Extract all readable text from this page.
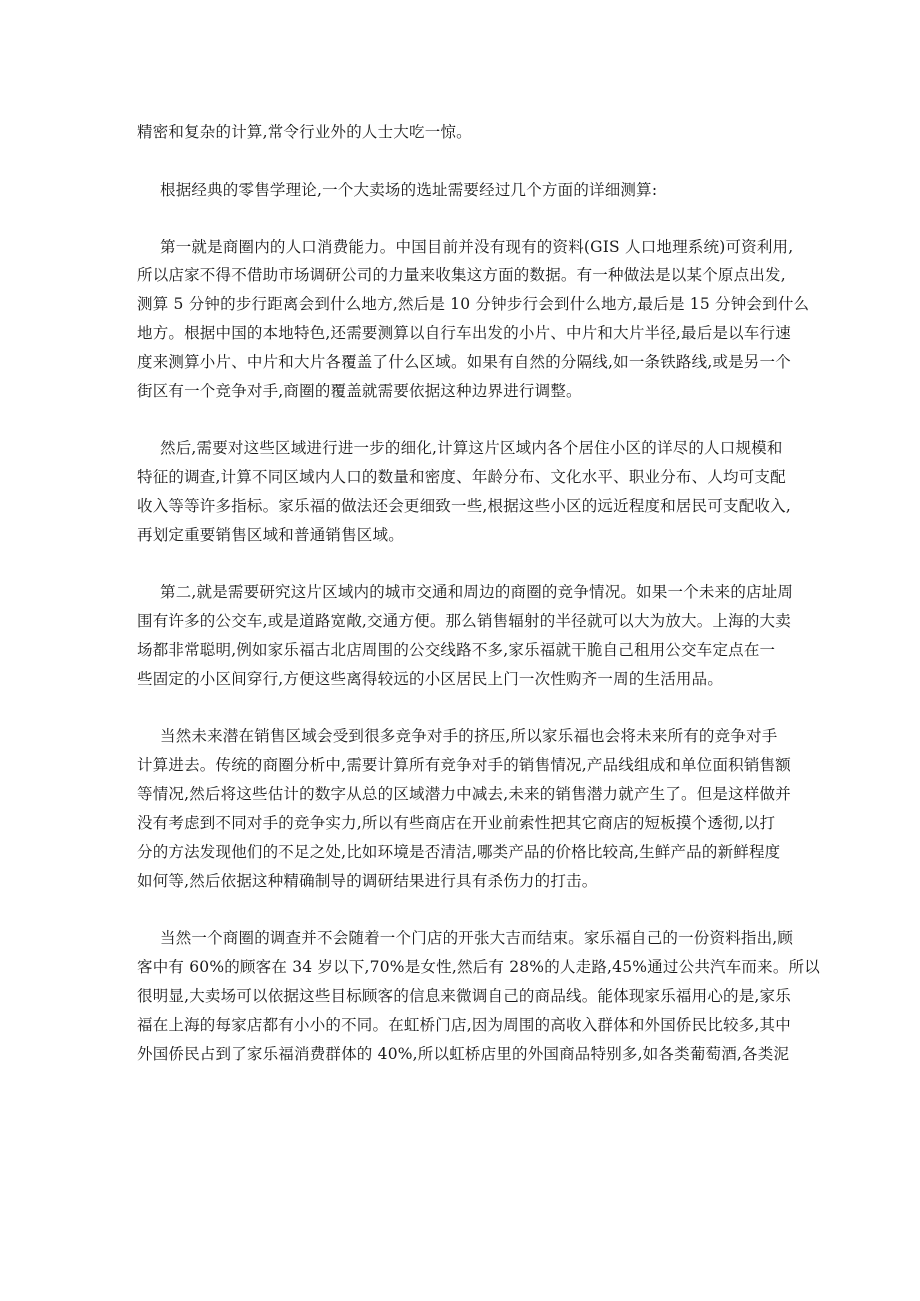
精密和复杂的计算,常令行业外的人士大吃一惊。
根据经典的零售学理论,一个大卖场的选址需要经过几个方面的详细测算:
第一就是商圈内的人口消费能力。中国目前并没有现有的资料(GIS 人口地理系统)可资利用,
所以店家不得不借助市场调研公司的力量来收集这方面的数据。有一种做法是以某个原点出发,
测算 5 分钟的步行距离会到什么地方,然后是 10 分钟步行会到什么地方,最后是 15 分钟会到什么
地方。根据中国的本地特色,还需要测算以自行车出发的小片、中片和大片半径,最后是以车行速
度来测算小片、中片和大片各覆盖了什么区域。如果有自然的分隔线,如一条铁路线,或是另一个
街区有一个竞争对手,商圈的覆盖就需要依据这种边界进行调整。
然后,需要对这些区域进行进一步的细化,计算这片区域内各个居住小区的详尽的人口规模和
特征的调查,计算不同区域内人口的数量和密度、年龄分布、文化水平、职业分布、人均可支配
收入等等许多指标。家乐福的做法还会更细致一些,根据这些小区的远近程度和居民可支配收入,
再划定重要销售区域和普通销售区域。
第二,就是需要研究这片区域内的城市交通和周边的商圈的竞争情况。如果一个未来的店址周
围有许多的公交车,或是道路宽敞,交通方便。那么销售辐射的半径就可以大为放大。上海的大卖
场都非常聪明,例如家乐福古北店周围的公交线路不多,家乐福就干脆自己租用公交车定点在一
些固定的小区间穿行,方便这些离得较远的小区居民上门一次性购齐一周的生活用品。
当然未来潜在销售区域会受到很多竞争对手的挤压,所以家乐福也会将未来所有的竞争对手
计算进去。传统的商圈分析中,需要计算所有竞争对手的销售情况,产品线组成和单位面积销售额
等情况,然后将这些估计的数字从总的区域潜力中减去,未来的销售潜力就产生了。但是这样做并
没有考虑到不同对手的竞争实力,所以有些商店在开业前索性把其它商店的短板摸个透彻,以打
分的方法发现他们的不足之处,比如环境是否清洁,哪类产品的价格比较高,生鲜产品的新鲜程度
如何等,然后依据这种精确制导的调研结果进行具有杀伤力的打击。
当然一个商圈的调查并不会随着一个门店的开张大吉而结束。家乐福自己的一份资料指出,顾
客中有 60%的顾客在 34 岁以下,70%是女性,然后有 28%的人走路,45%通过公共汽车而来。所以
很明显,大卖场可以依据这些目标顾客的信息来微调自己的商品线。能体现家乐福用心的是,家乐
福在上海的每家店都有小小的不同。在虹桥门店,因为周围的高收入群体和外国侨民比较多,其中
外国侨民占到了家乐福消费群体的 40%,所以虹桥店里的外国商品特别多,如各类葡萄酒,各类泥
